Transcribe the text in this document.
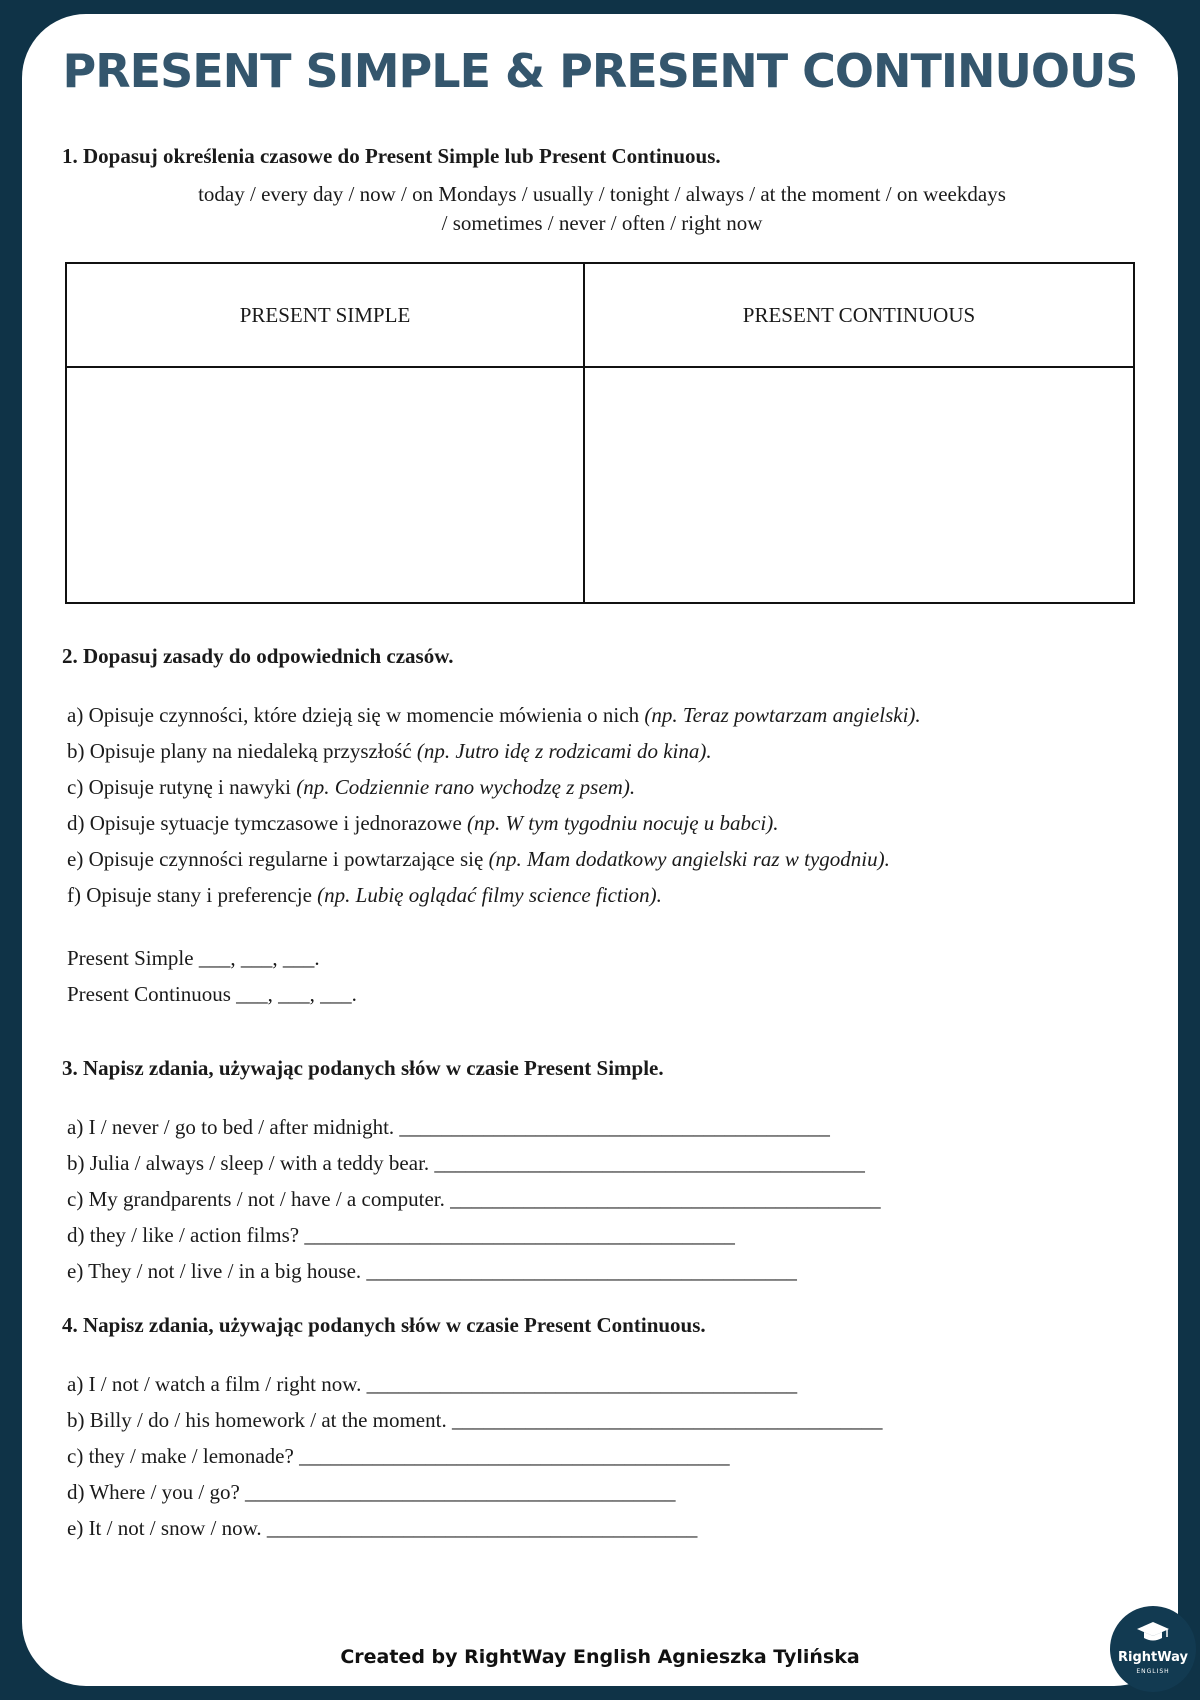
PRESENT SIMPLE & PRESENT CONTINUOUS
1. Dopasuj określenia czasowe do Present Simple lub Present Continuous.
today / every day / now / on Mondays / usually / tonight / always / at the moment / on weekdays
/ sometimes / never / often / right now
PRESENT SIMPLE	PRESENT CONTINUOUS

2. Dopasuj zasady do odpowiednich czasów.
a) Opisuje czynności, które dzieją się w momencie mówienia o nich (np. Teraz powtarzam angielski).
b) Opisuje plany na niedaleką przyszłość (np. Jutro idę z rodzicami do kina).
c) Opisuje rutynę i nawyki (np. Codziennie rano wychodzę z psem).
d) Opisuje sytuacje tymczasowe i jednorazowe (np. W tym tygodniu nocuję u babci).
e) Opisuje czynności regularne i powtarzające się (np. Mam dodatkowy angielski raz w tygodniu).
f) Opisuje stany i preferencje (np. Lubię oglądać filmy science fiction).
Present Simple ___, ___, ___.
Present Continuous ___, ___, ___.
3. Napisz zdania, używając podanych słów w czasie Present Simple.
a) I / never / go to bed / after midnight. _________________________________________
b) Julia / always / sleep / with a teddy bear. _________________________________________
c) My grandparents / not / have / a computer. _________________________________________
d) they / like / action films? _________________________________________
e) They / not / live / in a big house. _________________________________________
4. Napisz zdania, używając podanych słów w czasie Present Continuous.
a) I / not / watch a film / right now. _________________________________________
b) Billy / do / his homework / at the moment. _________________________________________
c) they / make / lemonade? _________________________________________
d) Where / you / go? _________________________________________
e) It / not / snow / now. _________________________________________
Created by RightWay English Agnieszka Tylińska	RightWay
ENGLISH
